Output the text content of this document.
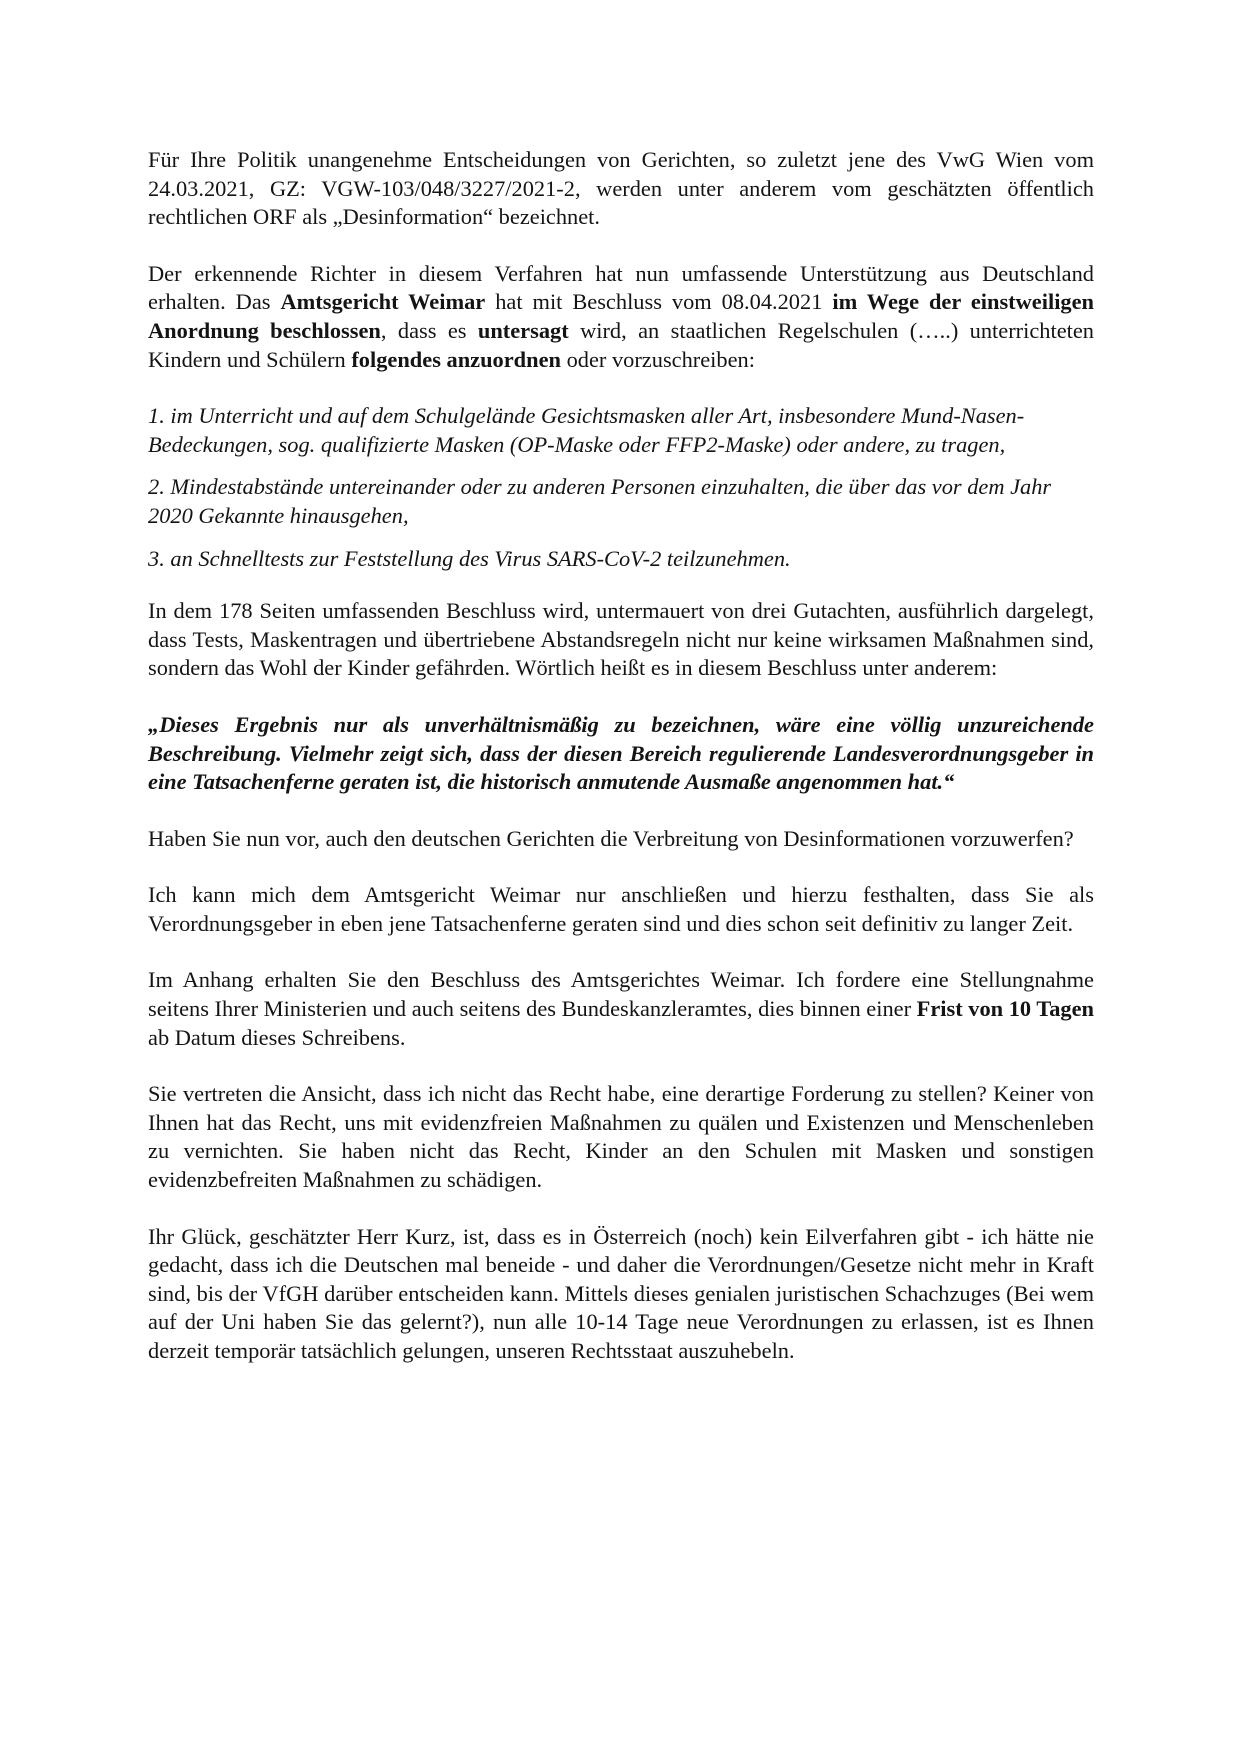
Für Ihre Politik unangenehme Entscheidungen von Gerichten, so zuletzt jene des VwG Wien vom 24.03.2021, GZ: VGW-103/048/3227/2021-2, werden unter anderem vom geschätzten öffentlich rechtlichen ORF als „Desinformation“ bezeichnet.

Der erkennende Richter in diesem Verfahren hat nun umfassende Unterstützung aus Deutschland erhalten. Das Amtsgericht Weimar hat mit Beschluss vom 08.04.2021 im Wege der einstweiligen Anordnung beschlossen, dass es untersagt wird, an staatlichen Regelschulen (…..) unterrichteten Kindern und Schülern folgendes anzuordnen oder vorzuschreiben:

1. im Unterricht und auf dem Schulgelände Gesichtsmasken aller Art, insbesondere Mund-Nasen-Bedeckungen, sog. qualifizierte Masken (OP-Maske oder FFP2-Maske) oder andere, zu tragen,

2. Mindestabstände untereinander oder zu anderen Personen einzuhalten, die über das vor dem Jahr 2020 Gekannte hinausgehen,

3. an Schnelltests zur Feststellung des Virus SARS-CoV-2 teilzunehmen.

In dem 178 Seiten umfassenden Beschluss wird, untermauert von drei Gutachten, ausführlich dargelegt, dass Tests, Maskentragen und übertriebene Abstandsregeln nicht nur keine wirksamen Maßnahmen sind, sondern das Wohl der Kinder gefährden. Wörtlich heißt es in diesem Beschluss unter anderem:

„Dieses Ergebnis nur als unverhältnismäßig zu bezeichnen, wäre eine völlig unzureichende Beschreibung. Vielmehr zeigt sich, dass der diesen Bereich regulierende Landesverordnungsgeber in eine Tatsachenferne geraten ist, die historisch anmutende Ausmaße angenommen hat.“

Haben Sie nun vor, auch den deutschen Gerichten die Verbreitung von Desinformationen vorzuwerfen?

Ich kann mich dem Amtsgericht Weimar nur anschließen und hierzu festhalten, dass Sie als Verordnungsgeber in eben jene Tatsachenferne geraten sind und dies schon seit definitiv zu langer Zeit.

Im Anhang erhalten Sie den Beschluss des Amtsgerichtes Weimar. Ich fordere eine Stellungnahme seitens Ihrer Ministerien und auch seitens des Bundeskanzleramtes, dies binnen einer Frist von 10 Tagen ab Datum dieses Schreibens.

Sie vertreten die Ansicht, dass ich nicht das Recht habe, eine derartige Forderung zu stellen? Keiner von Ihnen hat das Recht, uns mit evidenzfreien Maßnahmen zu quälen und Existenzen und Menschenleben zu vernichten. Sie haben nicht das Recht, Kinder an den Schulen mit Masken und sonstigen evidenzbefreiten Maßnahmen zu schädigen.

Ihr Glück, geschätzter Herr Kurz, ist, dass es in Österreich (noch) kein Eilverfahren gibt - ich hätte nie gedacht, dass ich die Deutschen mal beneide - und daher die Verordnungen/Gesetze nicht mehr in Kraft sind, bis der VfGH darüber entscheiden kann. Mittels dieses genialen juristischen Schachzuges (Bei wem auf der Uni haben Sie das gelernt?), nun alle 10-14 Tage neue Verordnungen zu erlassen, ist es Ihnen derzeit temporär tatsächlich gelungen, unseren Rechtsstaat auszuhebeln.
